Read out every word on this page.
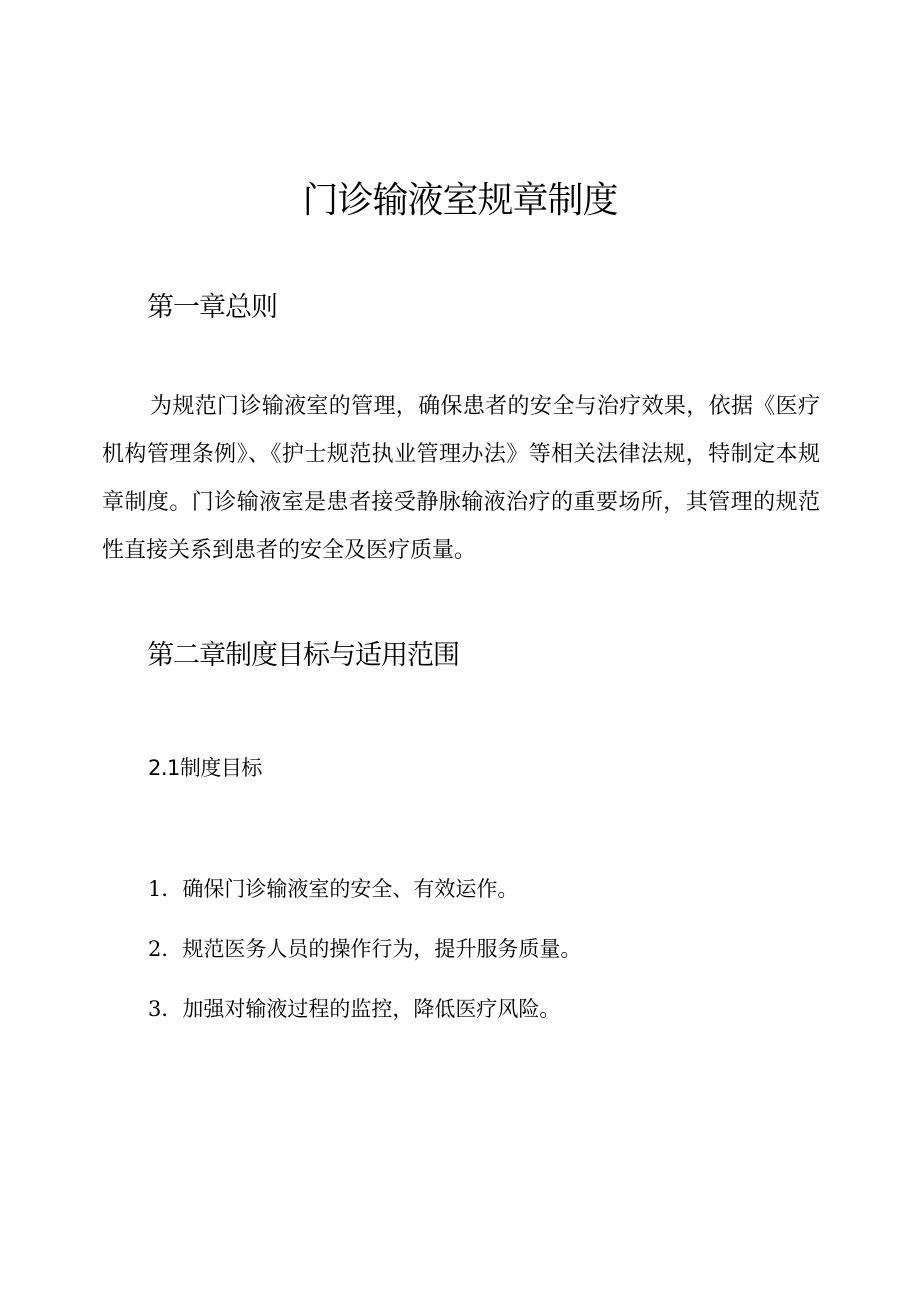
门诊输液室规章制度
第一章总则

为规范门诊输液室的管理，确保患者的安全与治疗效果，依据《医疗机构管理条例》、《护士规范执业管理办法》等相关法律法规，特制定本规章制度。门诊输液室是患者接受静脉输液治疗的重要场所，其管理的规范性直接关系到患者的安全及医疗质量。

第二章制度目标与适用范围
2.1制度目标
1．确保门诊输液室的安全、有效运作。
2．规范医务人员的操作行为，提升服务质量。
3．加强对输液过程的监控，降低医疗风险。
